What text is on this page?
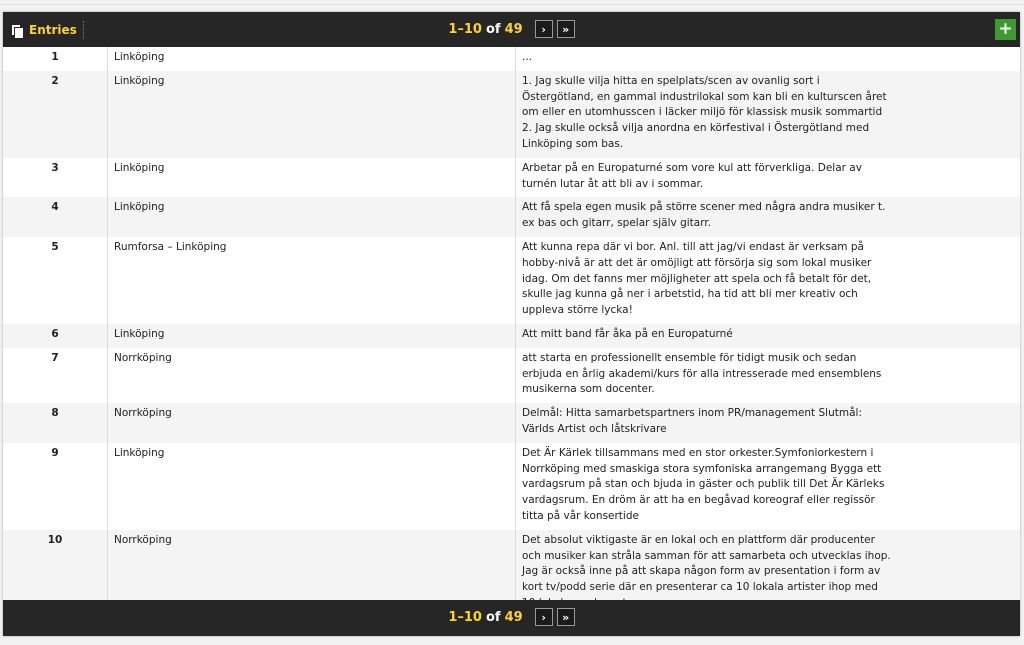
Entries	1–10 of 49 › »	+
1	Linköping	...
2	Linköping	1. Jag skulle vilja hitta en spelplats/scen av ovanlig sort i Östergötland, en gammal industrilokal som kan bli en kulturscen året om eller en utomhusscen i läcker miljö för klassisk musik sommartid 2. Jag skulle också vilja anordna en körfestival i Östergötland med Linköping som bas.
3	Linköping	Arbetar på en Europaturné som vore kul att förverkliga. Delar av turnén lutar åt att bli av i sommar.
4	Linköping	Att få spela egen musik på större scener med några andra musiker t. ex bas och gitarr, spelar själv gitarr.
5	Rumforsa – Linköping	Att kunna repa där vi bor. Anl. till att jag/vi endast är verksam på hobby-nivå är att det är omöjligt att försörja sig som lokal musiker idag. Om det fanns mer möjligheter att spela och få betalt för det, skulle jag kunna gå ner i arbetstid, ha tid att bli mer kreativ och uppleva större lycka!
6	Linköping	Att mitt band får åka på en Europaturné
7	Norrköping	att starta en professionellt ensemble för tidigt musik och sedan erbjuda en årlig akademi/kurs för alla intresserade med ensemblens musikerna som docenter.
8	Norrköping	Delmål: Hitta samarbetspartners inom PR/management Slutmål: Världs Artist och låtskrivare
9	Linköping	Det Är Kärlek tillsammans med en stor orkester.Symfoniorkestern i Norrköping med smaskiga stora symfoniska arrangemang Bygga ett vardagsrum på stan och bjuda in gäster och publik till Det Är Kärleks vardagsrum. En dröm är att ha en begåvad koreograf eller regissör titta på vår konsertide
10	Norrköping	Det absolut viktigaste är en lokal och en plattform där producenter och musiker kan stråla samman för att samarbeta och utvecklas ihop. Jag är också inne på att skapa någon form av presentation i form av kort tv/podd serie där en presenterar ca 10 lokala artister ihop med
1–10 of 49 › »
